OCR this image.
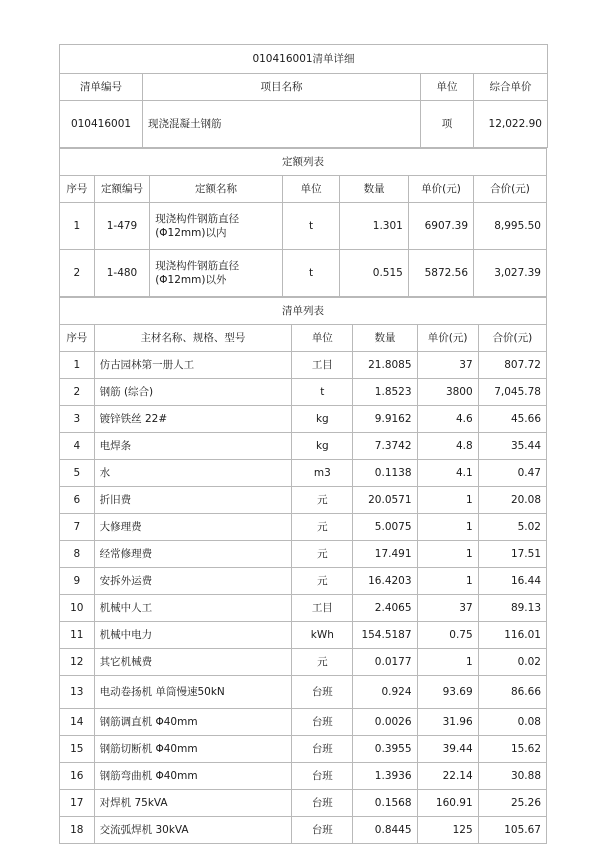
010416001清单详细			
清单编号	项目名称	单位	综合单价
010416001	现浇混凝土钢筋	项	12,022.90
定额列表						
序号	定额编号	定额名称	单位	数量	单价(元)	合价(元)
1	1-479	现浇构件钢筋直径(Φ12mm)以内	t	1.301	6907.39	8,995.50
2	1-480	现浇构件钢筋直径(Φ12mm)以外	t	0.515	5872.56	3,027.39
清单列表					
序号	主材名称、规格、型号	单位	数量	单价(元)	合价(元)
1	仿古园林第一册人工	工目	21.8085	37	807.72
2	钢筋 (综合)	t	1.8523	3800	7,045.78
3	镀锌铁丝 22#	kg	9.9162	4.6	45.66
4	电焊条	kg	7.3742	4.8	35.44
5	水	m3	0.1138	4.1	0.47
6	折旧费	元	20.0571	1	20.08
7	大修理费	元	5.0075	1	5.02
8	经常修理费	元	17.491	1	17.51
9	安拆外运费	元	16.4203	1	16.44
10	机械中人工	工目	2.4065	37	89.13
11	机械中电力	kWh	154.5187	0.75	116.01
12	其它机械费	元	0.0177	1	0.02
13	电动卷扬机 单筒慢速50kN	台班	0.924	93.69	86.66
14	钢筋调直机 Φ40mm	台班	0.0026	31.96	0.08
15	钢筋切断机 Φ40mm	台班	0.3955	39.44	15.62
16	钢筋弯曲机 Φ40mm	台班	1.3936	22.14	30.88
17	对焊机 75kVA	台班	0.1568	160.91	25.26
18	交流弧焊机 30kVA	台班	0.8445	125	105.67
